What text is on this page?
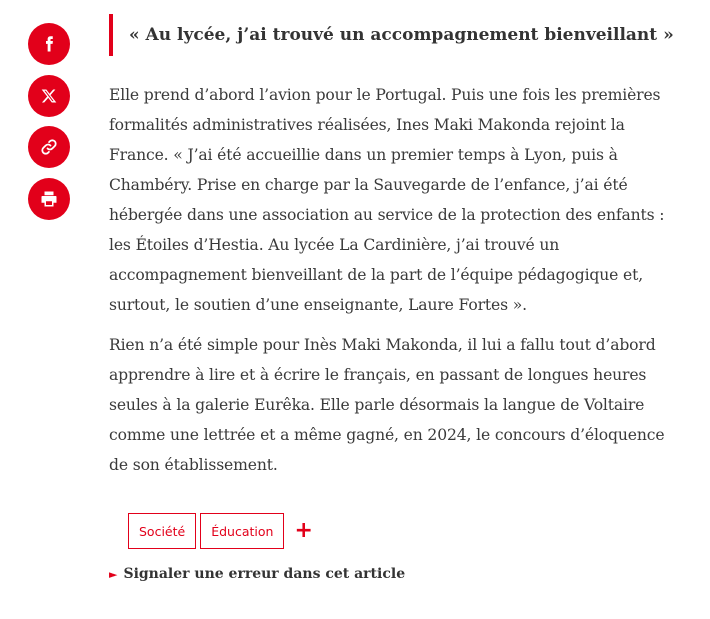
« Au lycée, j’ai trouvé un accompagnement bienveillant »

Elle prend d’abord l’avion pour le Portugal. Puis une fois les premières formalités administratives réalisées, Ines Maki Makonda rejoint la France. « J’ai été accueillie dans un premier temps à Lyon, puis à Chambéry. Prise en charge par la Sauvegarde de l’enfance, j’ai été hébergée dans une association au service de la protection des enfants : les Étoiles d’Hestia. Au lycée La Cardinière, j’ai trouvé un accompagnement bienveillant de la part de l’équipe pédagogique et, surtout, le soutien d’une enseignante, Laure Fortes ».

Rien n’a été simple pour Inès Maki Makonda, il lui a fallu tout d’abord apprendre à lire et à écrire le français, en passant de longues heures seules à la galerie Eurêka. Elle parle désormais la langue de Voltaire comme une lettrée et a même gagné, en 2024, le concours d’éloquence de son établissement.

Société	Éducation +
► Signaler une erreur dans cet article
